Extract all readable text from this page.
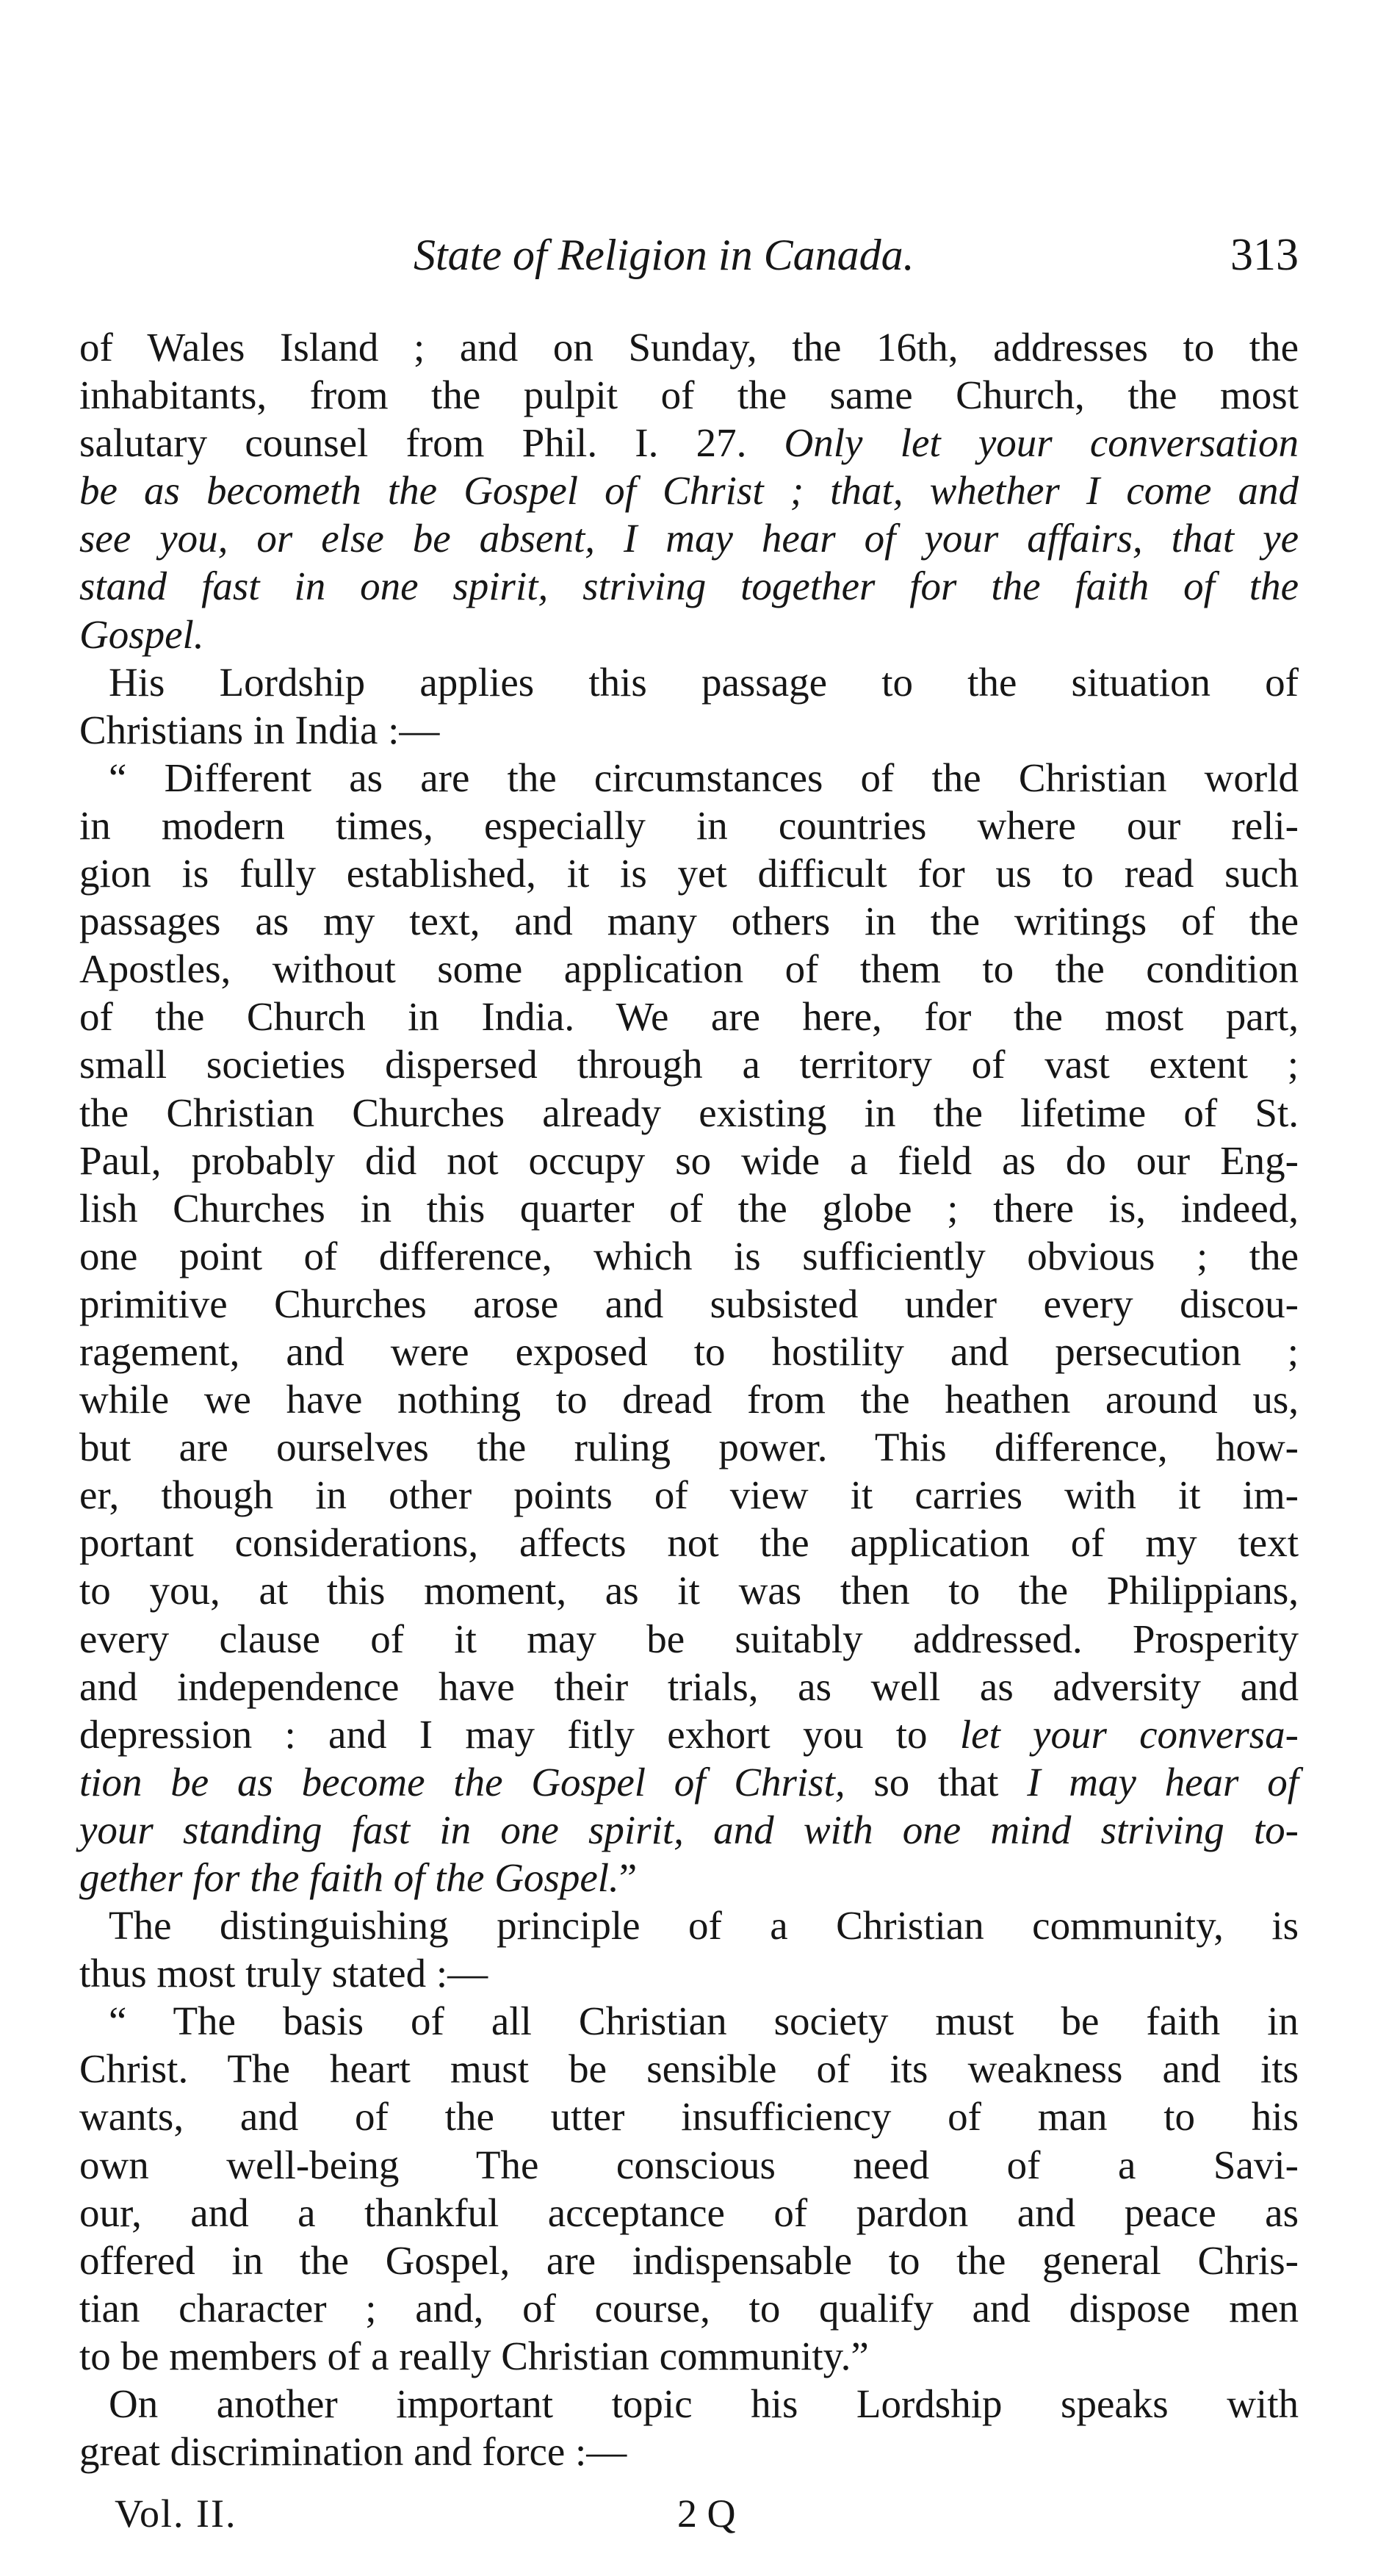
State of Religion in Canada.	313
of Wales Island ; and on Sunday, the 16th, addresses to the
inhabitants, from the pulpit of the same Church, the most
salutary counsel from Phil. I. 27. Only let your conversation
be as becometh the Gospel of Christ ; that, whether I come and
see you, or else be absent, I may hear of your affairs, that ye
stand fast in one spirit, striving together for the faith of the
Gospel.
His Lordship applies this passage to the situation of
Christians in India :—
“ Different as are the circumstances of the Christian world
in modern times, especially in countries where our reli-
gion is fully established, it is yet difficult for us to read such
passages as my text, and many others in the writings of the
Apostles, without some application of them to the condition
of the Church in India. We are here, for the most part,
small societies dispersed through a territory of vast extent ;
the Christian Churches already existing in the lifetime of St.
Paul, probably did not occupy so wide a field as do our Eng-
lish Churches in this quarter of the globe ; there is, indeed,
one point of difference, which is sufficiently obvious ; the
primitive Churches arose and subsisted under every discou-
ragement, and were exposed to hostility and persecution ;
while we have nothing to dread from the heathen around us,
but are ourselves the ruling power. This difference, how-
er, though in other points of view it carries with it im-
portant considerations, affects not the application of my text
to you, at this moment, as it was then to the Philippians,
every clause of it may be suitably addressed. Prosperity
and independence have their trials, as well as adversity and
depression : and I may fitly exhort you to let your conversa-
tion be as become the Gospel of Christ, so that I may hear of
your standing fast in one spirit, and with one mind striving to-
gether for the faith of the Gospel.”
The distinguishing principle of a Christian community, is
thus most truly stated :—
“ The basis of all Christian society must be faith in
Christ. The heart must be sensible of its weakness and its
wants, and of the utter insufficiency of man to his
own well-being The conscious need of a Savi-
our, and a thankful acceptance of pardon and peace as
offered in the Gospel, are indispensable to the general Chris-
tian character ; and, of course, to qualify and dispose men
to be members of a really Christian community.”
On another important topic his Lordship speaks with
great discrimination and force :—
Vol. II.	2 Q
